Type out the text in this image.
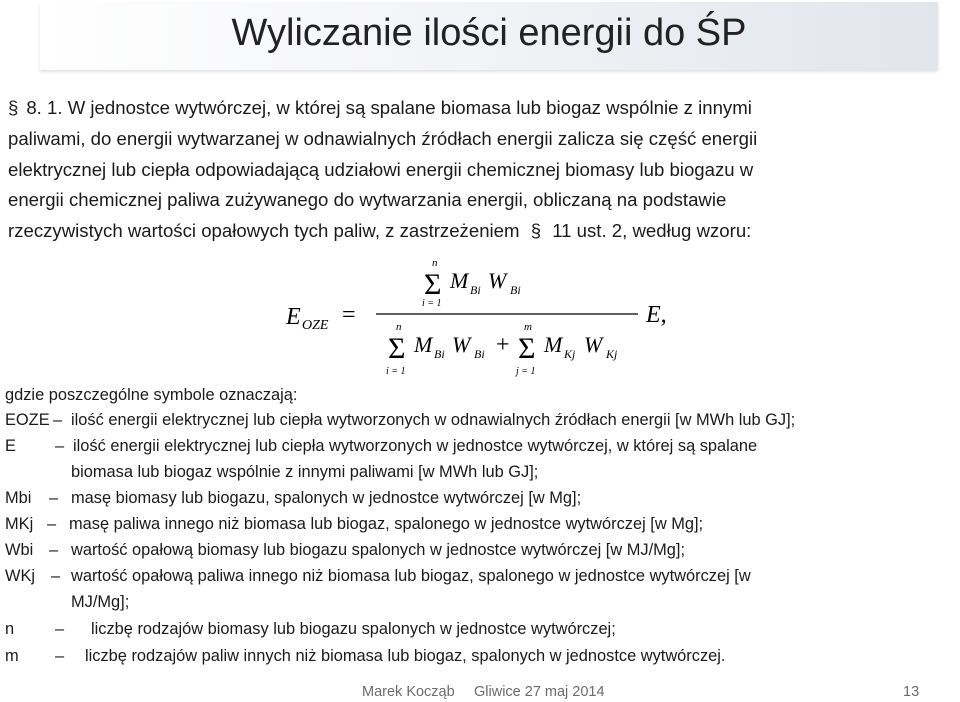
Wyliczanie ilości energii do ŚP
§ 8. 1. W jednostce wytwórczej, w której są spalane biomasa lub biogaz wspólnie z innymi
paliwami, do energii wytwarzanej w odnawialnych źródłach energii zalicza się część energii
elektrycznej lub ciepła odpowiadającą udziałowi energii chemicznej biomasy lub biogazu w
energii chemicznej paliwa zużywanego do wytwarzania energii, obliczaną na podstawie
rzeczywistych wartości opałowych tych paliw, z zastrzeżeniem § 11 ust. 2, według wzoru:
E OZE =
n
Σ
i = 1
M Bi W Bi
n
Σ
i = 1
M Bi W Bi +
m
Σ
j = 1
M Kj W Kj
E,
gdzie poszczególne symbole oznaczają:
EOZE – ilość energii elektrycznej lub ciepła wytworzonych w odnawialnych źródłach energii [w MWh lub GJ];
E – ilość energii elektrycznej lub ciepła wytworzonych w jednostce wytwórczej, w której są spalane
biomasa lub biogaz wspólnie z innymi paliwami [w MWh lub GJ];
Mbi – masę biomasy lub biogazu, spalonych w jednostce wytwórczej [w Mg];
MKj – masę paliwa innego niż biomasa lub biogaz, spalonego w jednostce wytwórczej [w Mg];
Wbi – wartość opałową biomasy lub biogazu spalonych w jednostce wytwórczej [w MJ/Mg];
WKj – wartość opałową paliwa innego niż biomasa lub biogaz, spalonego w jednostce wytwórczej [w
MJ/Mg];
n – liczbę rodzajów biomasy lub biogazu spalonych w jednostce wytwórczej;
m – liczbę rodzajów paliw innych niż biomasa lub biogaz, spalonych w jednostce wytwórczej.
Marek Kocząb Gliwice 27 maj 2014	13
